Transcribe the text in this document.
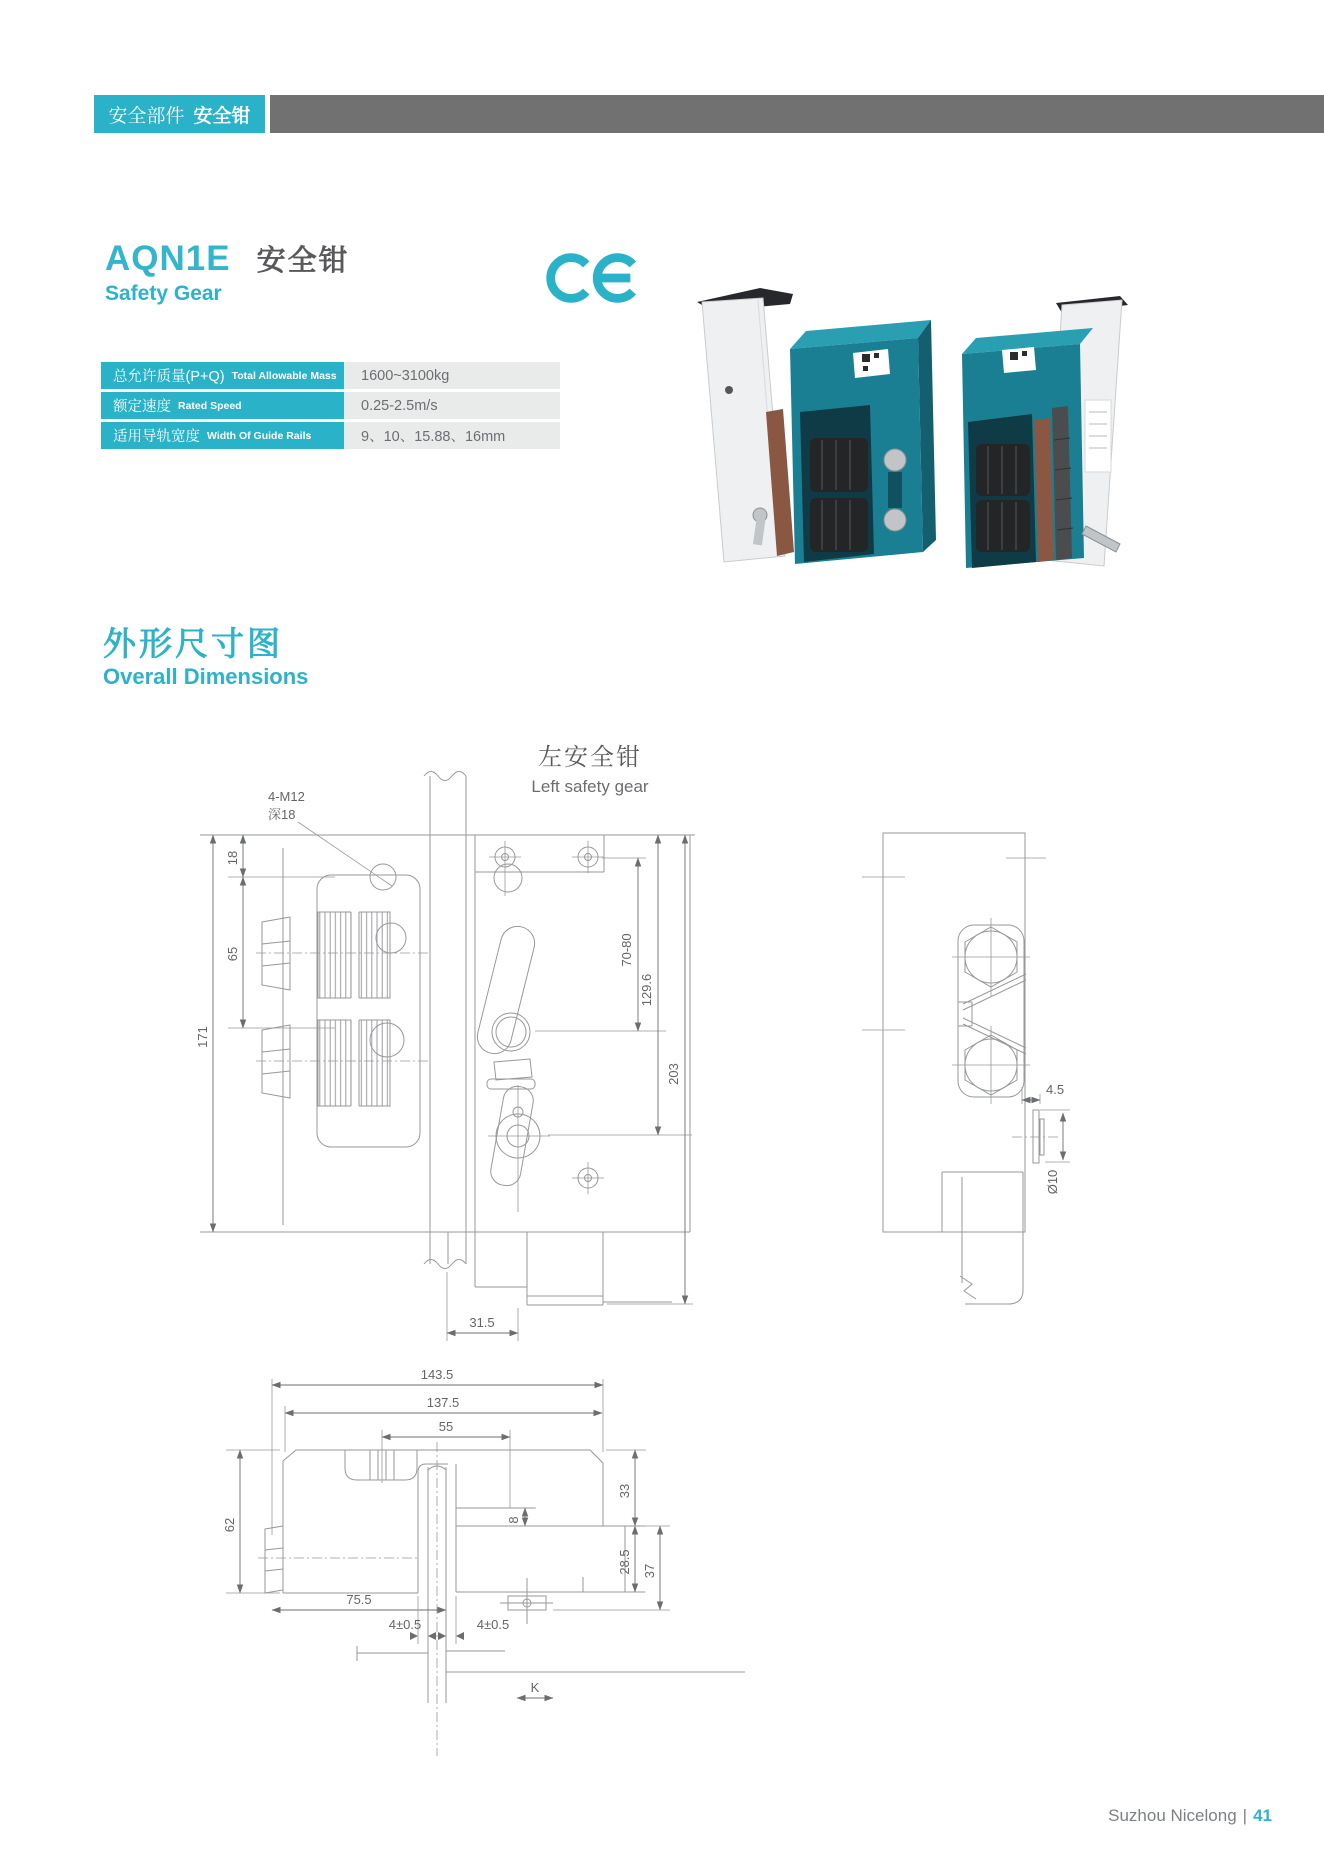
安全部件 安全钳
AQN1E 安全钳
Safety Gear
总允许质量(P+Q) Total Allowable Mass	1600~3100kg
额定速度 Rated Speed	0.25-2.5m/s
适用导轨宽度 Width Of Guide Rails	9、10、15.88、16mm
外形尺寸图
Overall Dimensions
左安全钳
Left safety gear
4-M12
深18
171
18
65	70-80
129.6
203
31.5
4.5
Ø10
143.5
137.5
55
62
33
28.5 37
8
75.5
4±0.5	4±0.5
K
Suzhou Nicelong | 41
